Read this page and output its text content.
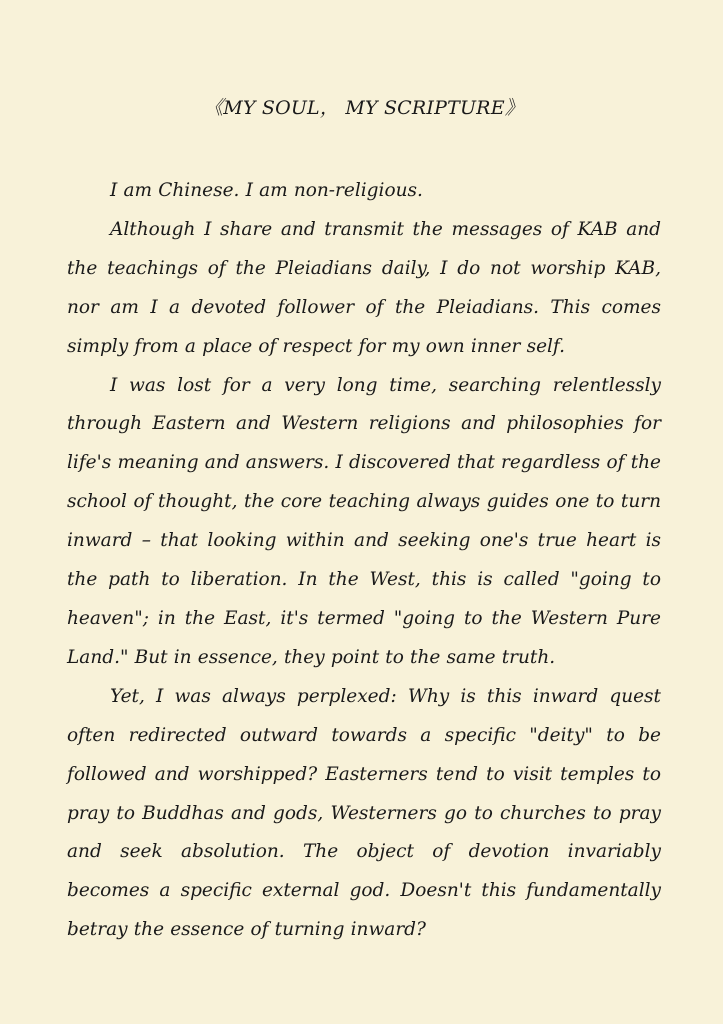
《MY SOUL， MY SCRIPTURE》

I am Chinese. I am non-religious.

Although I share and transmit the messages of KAB and the teachings of the Pleiadians daily, I do not worship KAB, nor am I a devoted follower of the Pleiadians. This comes simply from a place of respect for my own inner self.

I was lost for a very long time, searching relentlessly through Eastern and Western religions and philosophies for life's meaning and answers. I discovered that regardless of the school of thought, the core teaching always guides one to turn inward – that looking within and seeking one's true heart is the path to liberation. In the West, this is called "going to heaven"; in the East, it's termed "going to the Western Pure Land." But in essence, they point to the same truth.

Yet, I was always perplexed: Why is this inward quest often redirected outward towards a specific "deity" to be followed and worshipped? Easterners tend to visit temples to pray to Buddhas and gods, Westerners go to churches to pray and seek absolution. The object of devotion invariably becomes a specific external god. Doesn't this fundamentally betray the essence of turning inward?
